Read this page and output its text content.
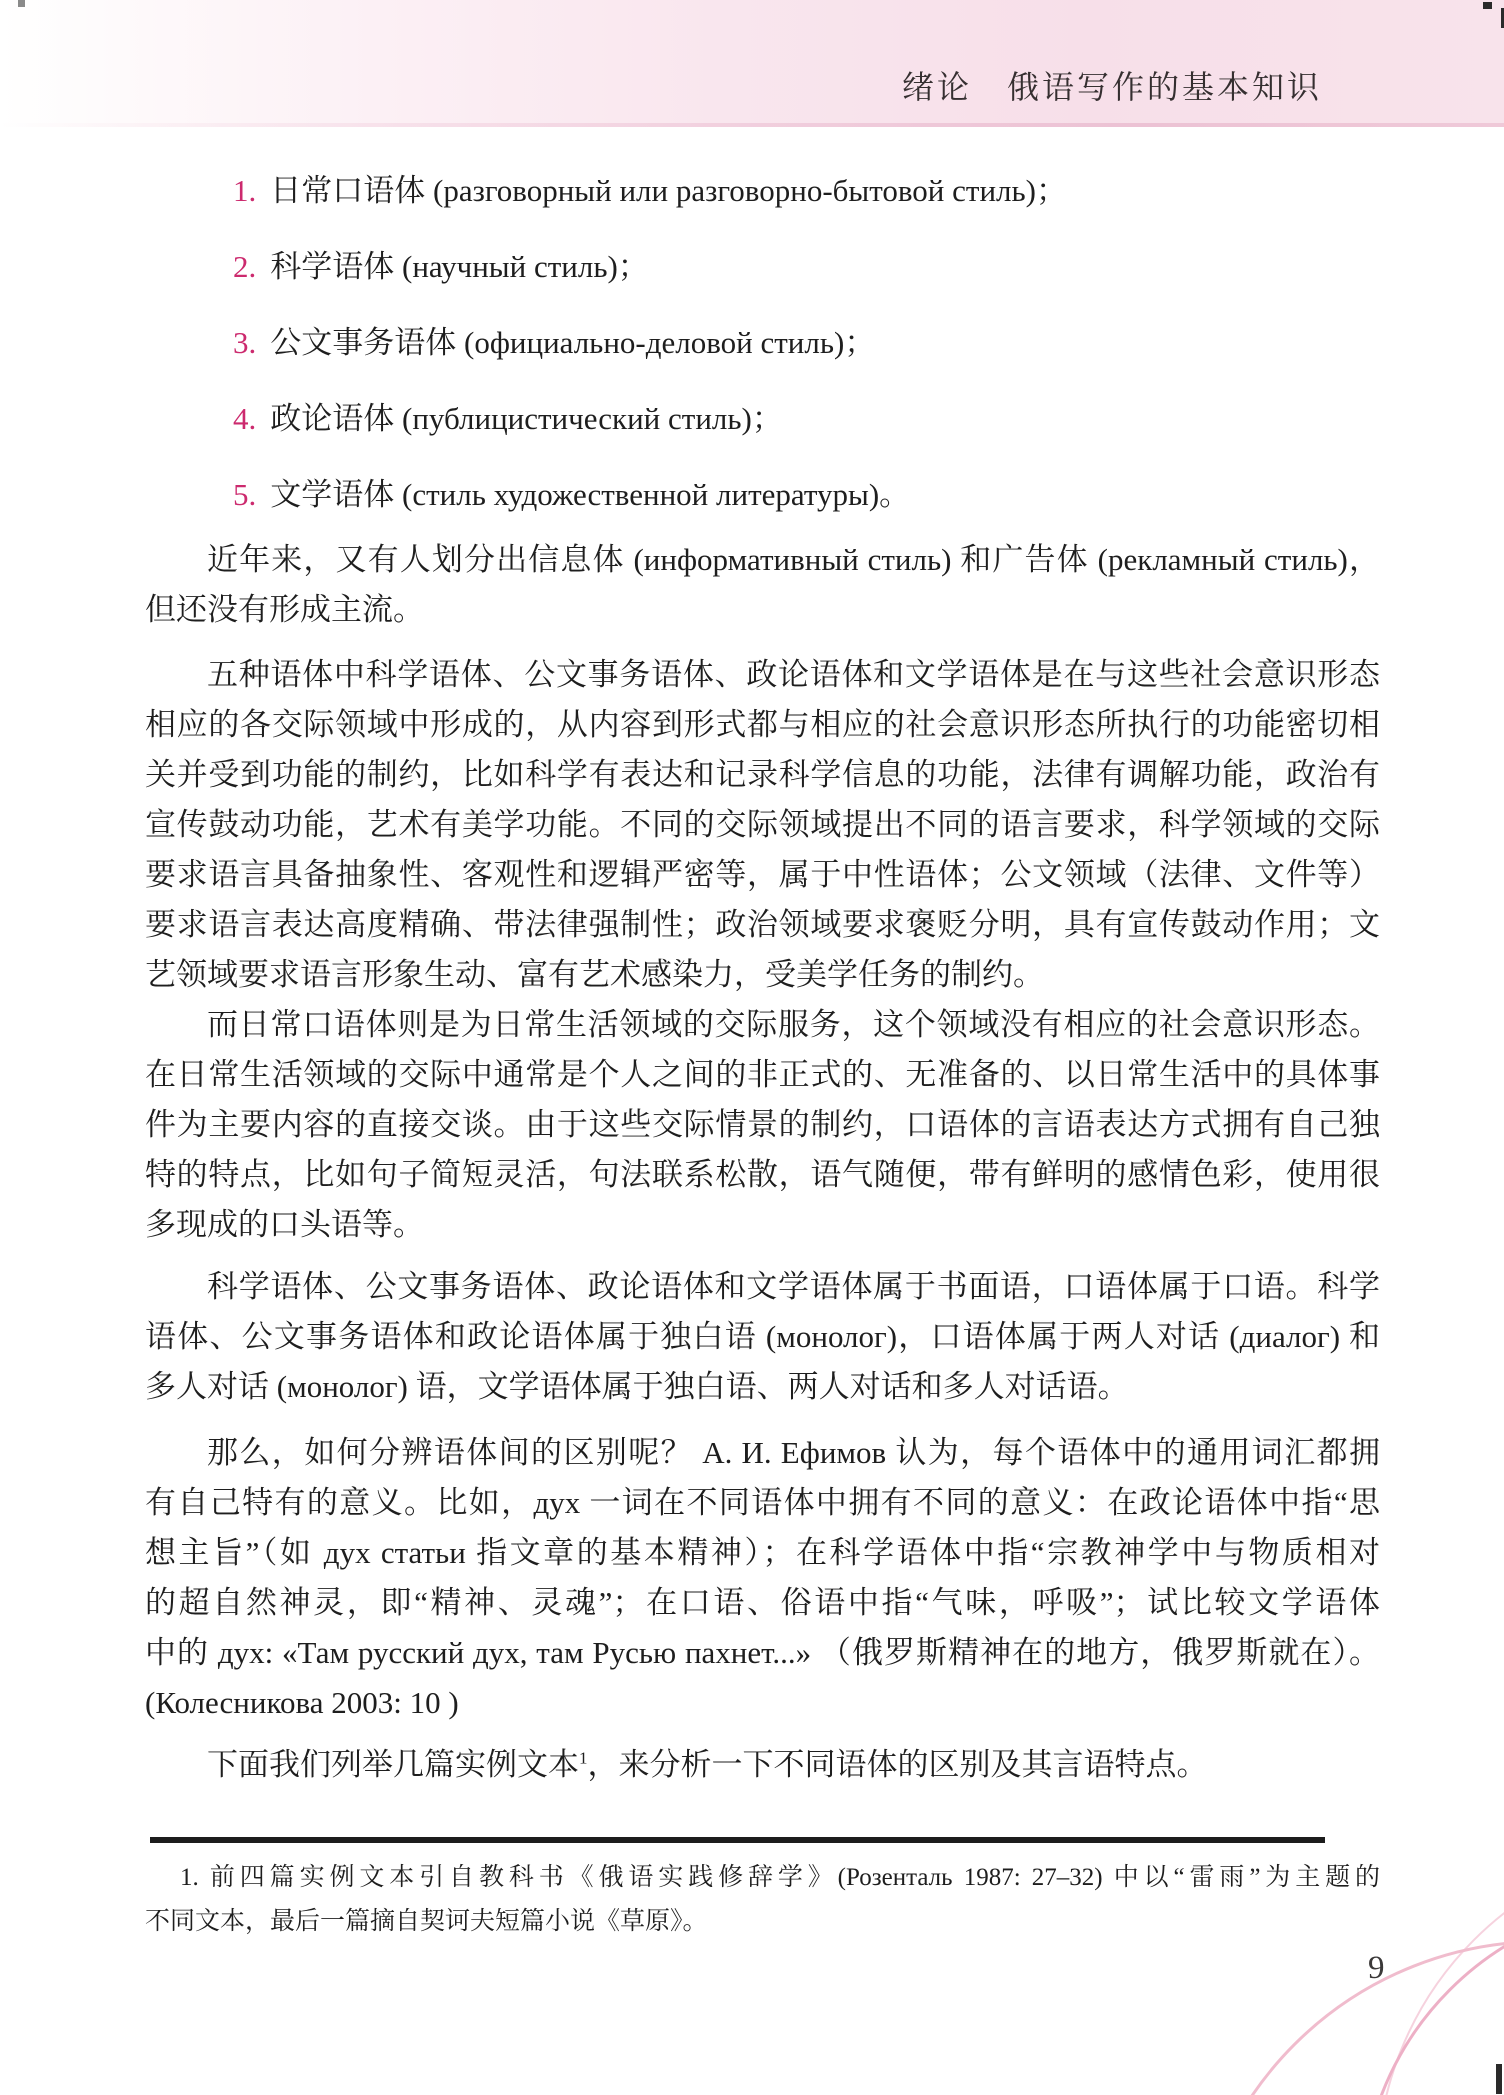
绪论　俄语写作的基本知识
1. 日常口语体 (разговорный или разговорно-бытовой стиль)；
2. 科学语体 (научный стиль)；
3. 公文事务语体 (официально-деловой стиль)；
4. 政论语体 (публицистический стиль)；
5. 文学语体 (стиль художественной литературы)。
近年来，又有人划分出信息体 (информативный стиль) 和广告体 (рекламный стиль)，
但还没有形成主流。
五种语体中科学语体、公文事务语体、政论语体和文学语体是在与这些社会意识形态
相应的各交际领域中形成的，从内容到形式都与相应的社会意识形态所执行的功能密切相
关并受到功能的制约，比如科学有表达和记录科学信息的功能，法律有调解功能，政治有
宣传鼓动功能，艺术有美学功能。不同的交际领域提出不同的语言要求，科学领域的交际
要求语言具备抽象性、客观性和逻辑严密等，属于中性语体；公文领域（法律、文件等）
要求语言表达高度精确、带法律强制性；政治领域要求褒贬分明，具有宣传鼓动作用；文
艺领域要求语言形象生动、富有艺术感染力，受美学任务的制约。
而日常口语体则是为日常生活领域的交际服务，这个领域没有相应的社会意识形态。
在日常生活领域的交际中通常是个人之间的非正式的、无准备的、以日常生活中的具体事
件为主要内容的直接交谈。由于这些交际情景的制约，口语体的言语表达方式拥有自己独
特的特点，比如句子简短灵活，句法联系松散，语气随便，带有鲜明的感情色彩，使用很
多现成的口头语等。
科学语体、公文事务语体、政论语体和文学语体属于书面语，口语体属于口语。科学
语体、公文事务语体和政论语体属于独白语 (монолог)，口语体属于两人对话 (диалог) 和
多人对话 (монолог) 语，文学语体属于独白语、两人对话和多人对话语。
那么，如何分辨语体间的区别呢？ А. И. Ефимов 认为，每个语体中的通用词汇都拥
有自己特有的意义。比如，дух 一词在不同语体中拥有不同的意义：在政论语体中指“思
想主旨”（如 дух статьи 指文章的基本精神）；在科学语体中指“宗教神学中与物质相对
的超自然神灵，即“精神、灵魂”；在口语、俗语中指“气味，呼吸”；试比较文学语体
中的 дух: «Там русский дух, там Русью пахнет...» （俄罗斯精神在的地方，俄罗斯就在）。
(Колесникова 2003: 10 )
下面我们列举几篇实例文本$^1$，来分析一下不同语体的区别及其言语特点。
1. 前四篇实例文本引自教科书《俄语实践修辞学》(Розенталь 1987: 27–32) 中以“雷雨”为主题的
不同文本，最后一篇摘自契诃夫短篇小说《草原》。
9
